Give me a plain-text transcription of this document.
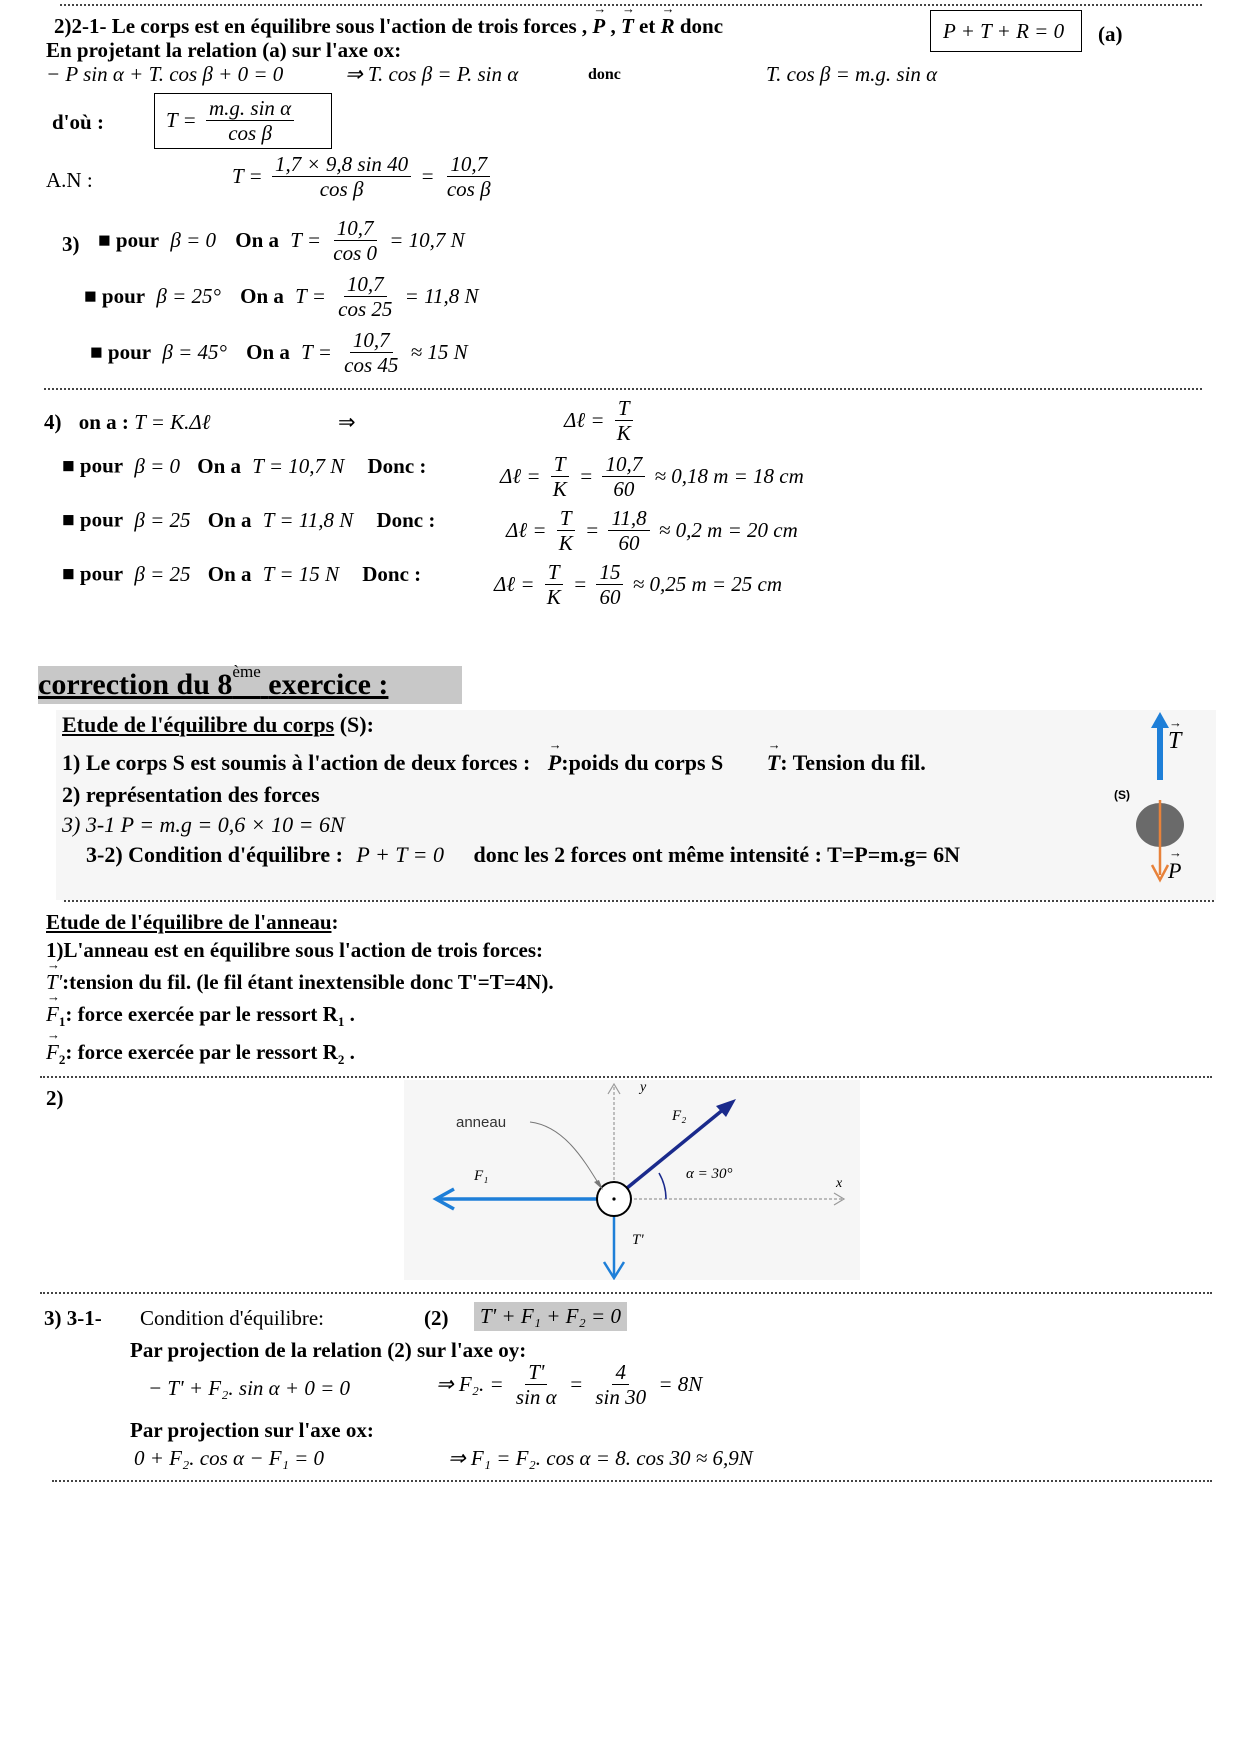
2)2-1- Le corps est en équilibre sous l'action de trois forces , → P , → T et → R donc	P + T + R = 0 (a)
En projetant la relation (a) sur l'axe ox:
− P sin α + T. cos β + 0 = 0	⇒ T. cos β = P. sin α	donc	T. cos β = m.g. sin α
d'où :	$T = \frac{\text{m.g. sin α}}{\text{cos β}}$
A.N :	$T = \frac{1,7 \times 9,8 \sin 40}{\text{cos β}} = \frac{10,7}{\text{cos β}}$
3) ■ pour β = 0 On a $T = \frac{10,7}{\cos 0} = 10,7$ N
■ pour β = 25° On a $T = \frac{10,7}{\cos 25} = 11,8$ N
■ pour β = 45° On a $T = \frac{10,7}{\cos 45} \approx 15$ N
4) on a : T = K.Δℓ	⇒	Δℓ = $\frac{T}{K}$
■ pour β = 0 On a T = 10,7 N Donc :	Δℓ = $\frac{T}{K} = \frac{10,7}{60} \approx 0,18$ m = 18 cm
■ pour β = 25 On a T = 11,8 N Donc :	Δℓ = $\frac{T}{K} = \frac{11,8}{60} \approx 0,2$ m = 20 cm
■ pour β = 25 On a T = 15 N Donc :	Δℓ = $\frac{T}{K} = \frac{15}{60} \approx 0,25$ m = 25 cm
correction du 8ème exercice :
Etude de l'équilibre du corps (S):
1) Le corps S est soumis à l'action de deux forces : → P:poids du corps S → T: Tension du fil.
2) représentation des forces
3) 3-1 P = m.g = 0,6 × 10 = 6N
3-2) Condition d'équilibre : P + T = 0 donc les 2 forces ont même intensité : T=P=m.g= 6N
→ T
(S)
→ P
Etude de l'équilibre de l'anneau:
1)L'anneau est en équilibre sous l'action de trois forces:
→ T':tension du fil. (le fil étant inextensible donc T'=T=4N).
→ $F_1$: force exercée par le ressort $R_1$ .
→ $F_2$: force exercée par le ressort $R_2$ .
2)
anneau	F₂
F₁	α = 30°
T'
x
y
3) 3-1- Condition d'équilibre:	(2) T' + F₁ + F₂ = 0
Par projection de la relation (2) sur l'axe oy:
− T' + F₂. sin α + 0 = 0	⇒ F₂. = $\frac{T'}{\text{sin α}} = \frac{4}{\sin 30} = 8N$
Par projection sur l'axe ox:
0 + F₂. cos α − F₁ = 0	⇒ F₁ = F₂. cos α = 8. cos 30 ≈ 6,9N
